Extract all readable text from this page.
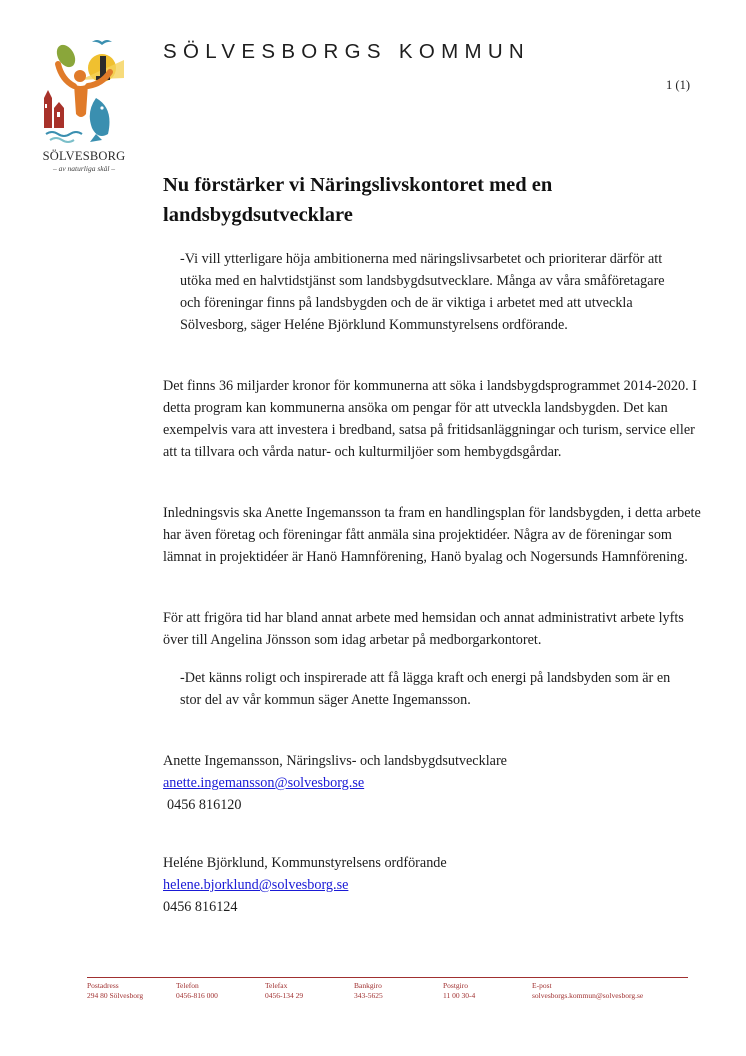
SÖLVESBORG
– av naturliga skäl –
SÖLVESBORGS KOMMUN
1 (1)
Nu förstärker vi Näringslivskontoret med en landsbygdsutvecklare

-Vi vill ytterligare höja ambitionerna med näringslivsarbetet och prioriterar därför att utöka med en halvtidstjänst som landsbygdsutvecklare. Många av våra småföretagare och föreningar finns på landsbygden och de är viktiga i arbetet med att utveckla Sölvesborg, säger Heléne Björklund Kommunstyrelsens ordförande.

Det finns 36 miljarder kronor för kommunerna att söka i landsbygdsprogrammet 2014-2020. I detta program kan kommunerna ansöka om pengar för att utveckla landsbygden. Det kan exempelvis vara att investera i bredband, satsa på fritidsanläggningar och turism, service eller att ta tillvara och vårda natur- och kulturmiljöer som hembygdsgårdar.

Inledningsvis ska Anette Ingemansson ta fram en handlingsplan för landsbygden, i detta arbete har även företag och föreningar fått anmäla sina projektidéer. Några av de föreningar som lämnat in projektidéer är Hanö Hamnförening, Hanö byalag och Nogersunds Hamnförening.

För att frigöra tid har bland annat arbete med hemsidan och annat administrativt arbete lyfts över till Angelina Jönsson som idag arbetar på medborgarkontoret.

-Det känns roligt och inspirerade att få lägga kraft och energi på landsbyden som är en stor del av vår kommun säger Anette Ingemansson.

Anette Ingemansson, Näringslivs- och landsbygdsutvecklare
anette.ingemansson@solvesborg.se
0456 816120
Heléne Björklund, Kommunstyrelsens ordförande
helene.bjorklund@solvesborg.se
0456 816124
Postadress
294 80 Sölvesborg
Telefon
0456-816 000
Telefax
0456-134 29
Bankgiro
343-5625
Postgiro
11 00 30-4
E-post
solvesborgs.kommun@solvesborg.se
